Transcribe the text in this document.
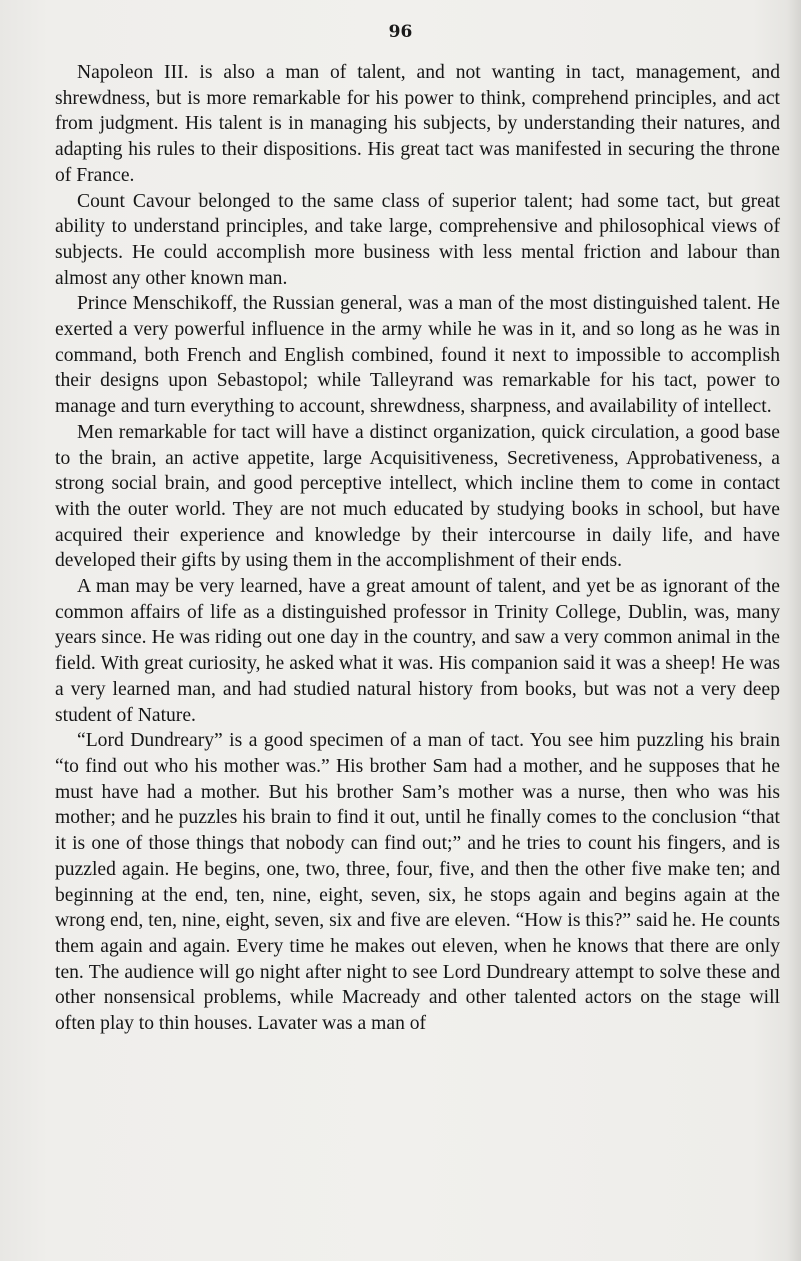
96

Napoleon III. is also a man of talent, and not wanting in tact, management, and shrewdness, but is more remarkable for his power to think, comprehend principles, and act from judgment. His talent is in managing his subjects, by understanding their natures, and adapting his rules to their dispositions. His great tact was manifested in securing the throne of France.

Count Cavour belonged to the same class of superior talent; had some tact, but great ability to understand principles, and take large, comprehensive and philosophical views of subjects. He could accomplish more business with less mental friction and labour than almost any other known man.

Prince Menschikoff, the Russian general, was a man of the most distinguished talent. He exerted a very powerful influence in the army while he was in it, and so long as he was in command, both French and English combined, found it next to impossible to accomplish their designs upon Sebastopol; while Talleyrand was remarkable for his tact, power to manage and turn everything to account, shrewdness, sharpness, and availability of intellect.

Men remarkable for tact will have a distinct organization, quick circulation, a good base to the brain, an active appetite, large Acquisitiveness, Secretiveness, Approbativeness, a strong social brain, and good perceptive intellect, which incline them to come in contact with the outer world. They are not much educated by studying books in school, but have acquired their experience and knowledge by their intercourse in daily life, and have developed their gifts by using them in the accomplishment of their ends.

A man may be very learned, have a great amount of talent, and yet be as ignorant of the common affairs of life as a distinguished professor in Trinity College, Dublin, was, many years since. He was riding out one day in the country, and saw a very common animal in the field. With great curiosity, he asked what it was. His companion said it was a sheep! He was a very learned man, and had studied natural history from books, but was not a very deep student of Nature.

“Lord Dundreary” is a good specimen of a man of tact. You see him puzzling his brain “to find out who his mother was.” His brother Sam had a mother, and he supposes that he must have had a mother. But his brother Sam’s mother was a nurse, then who was his mother; and he puzzles his brain to find it out, until he finally comes to the conclusion “that it is one of those things that nobody can find out;” and he tries to count his fingers, and is puzzled again. He begins, one, two, three, four, five, and then the other five make ten; and beginning at the end, ten, nine, eight, seven, six, he stops again and begins again at the wrong end, ten, nine, eight, seven, six and five are eleven. “How is this?” said he. He counts them again and again. Every time he makes out eleven, when he knows that there are only ten. The audience will go night after night to see Lord Dundreary attempt to solve these and other nonsensical problems, while Macready and other talented actors on the stage will often play to thin houses. Lavater was a man of
